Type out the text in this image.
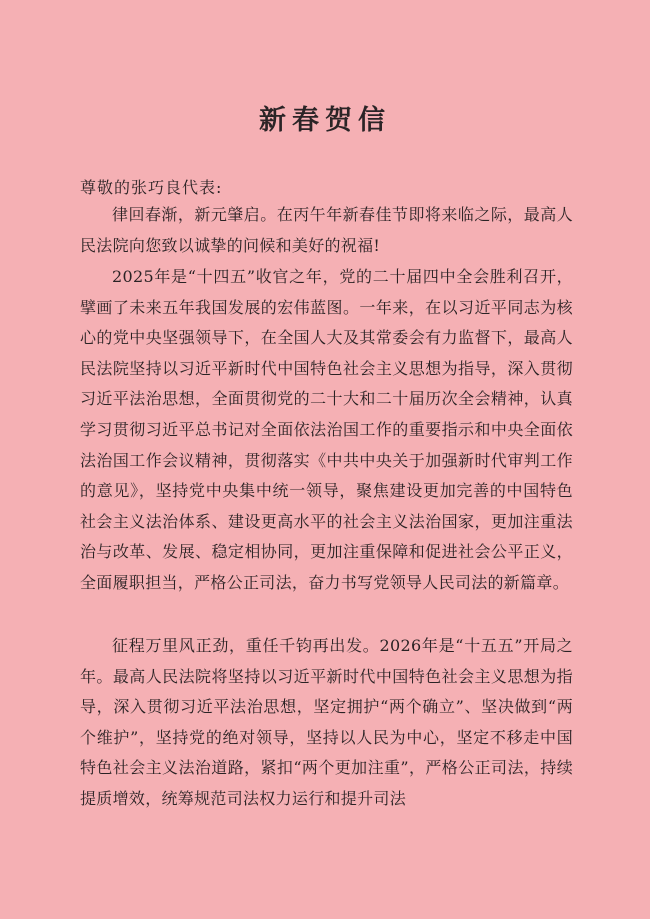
新春贺信
尊敬的张巧良代表:

律回春渐，新元肇启。在丙午年新春佳节即将来临之际，最高人民法院向您致以诚挚的问候和美好的祝福!

2025年是“十四五”收官之年，党的二十届四中全会胜利召开，擘画了未来五年我国发展的宏伟蓝图。一年来，在以习近平同志为核心的党中央坚强领导下，在全国人大及其常委会有力监督下，最高人民法院坚持以习近平新时代中国特色社会主义思想为指导，深入贯彻习近平法治思想，全面贯彻党的二十大和二十届历次全会精神，认真学习贯彻习近平总书记对全面依法治国工作的重要指示和中央全面依法治国工作会议精神，贯彻落实《中共中央关于加强新时代审判工作的意见》，坚持党中央集中统一领导，聚焦建设更加完善的中国特色社会主义法治体系、建设更高水平的社会主义法治国家，更加注重法治与改革、发展、稳定相协同，更加注重保障和促进社会公平正义，全面履职担当，严格公正司法，奋力书写党领导人民司法的新篇章。

征程万里风正劲，重任千钧再出发。2026年是“十五五”开局之年。最高人民法院将坚持以习近平新时代中国特色社会主义思想为指导，深入贯彻习近平法治思想，坚定拥护“两个确立”、坚决做到“两个维护”，坚持党的绝对领导，坚持以人民为中心，坚定不移走中国特色社会主义法治道路，紧扣“两个更加注重”，严格公正司法，持续提质增效，统筹规范司法权力运行和提升司法
